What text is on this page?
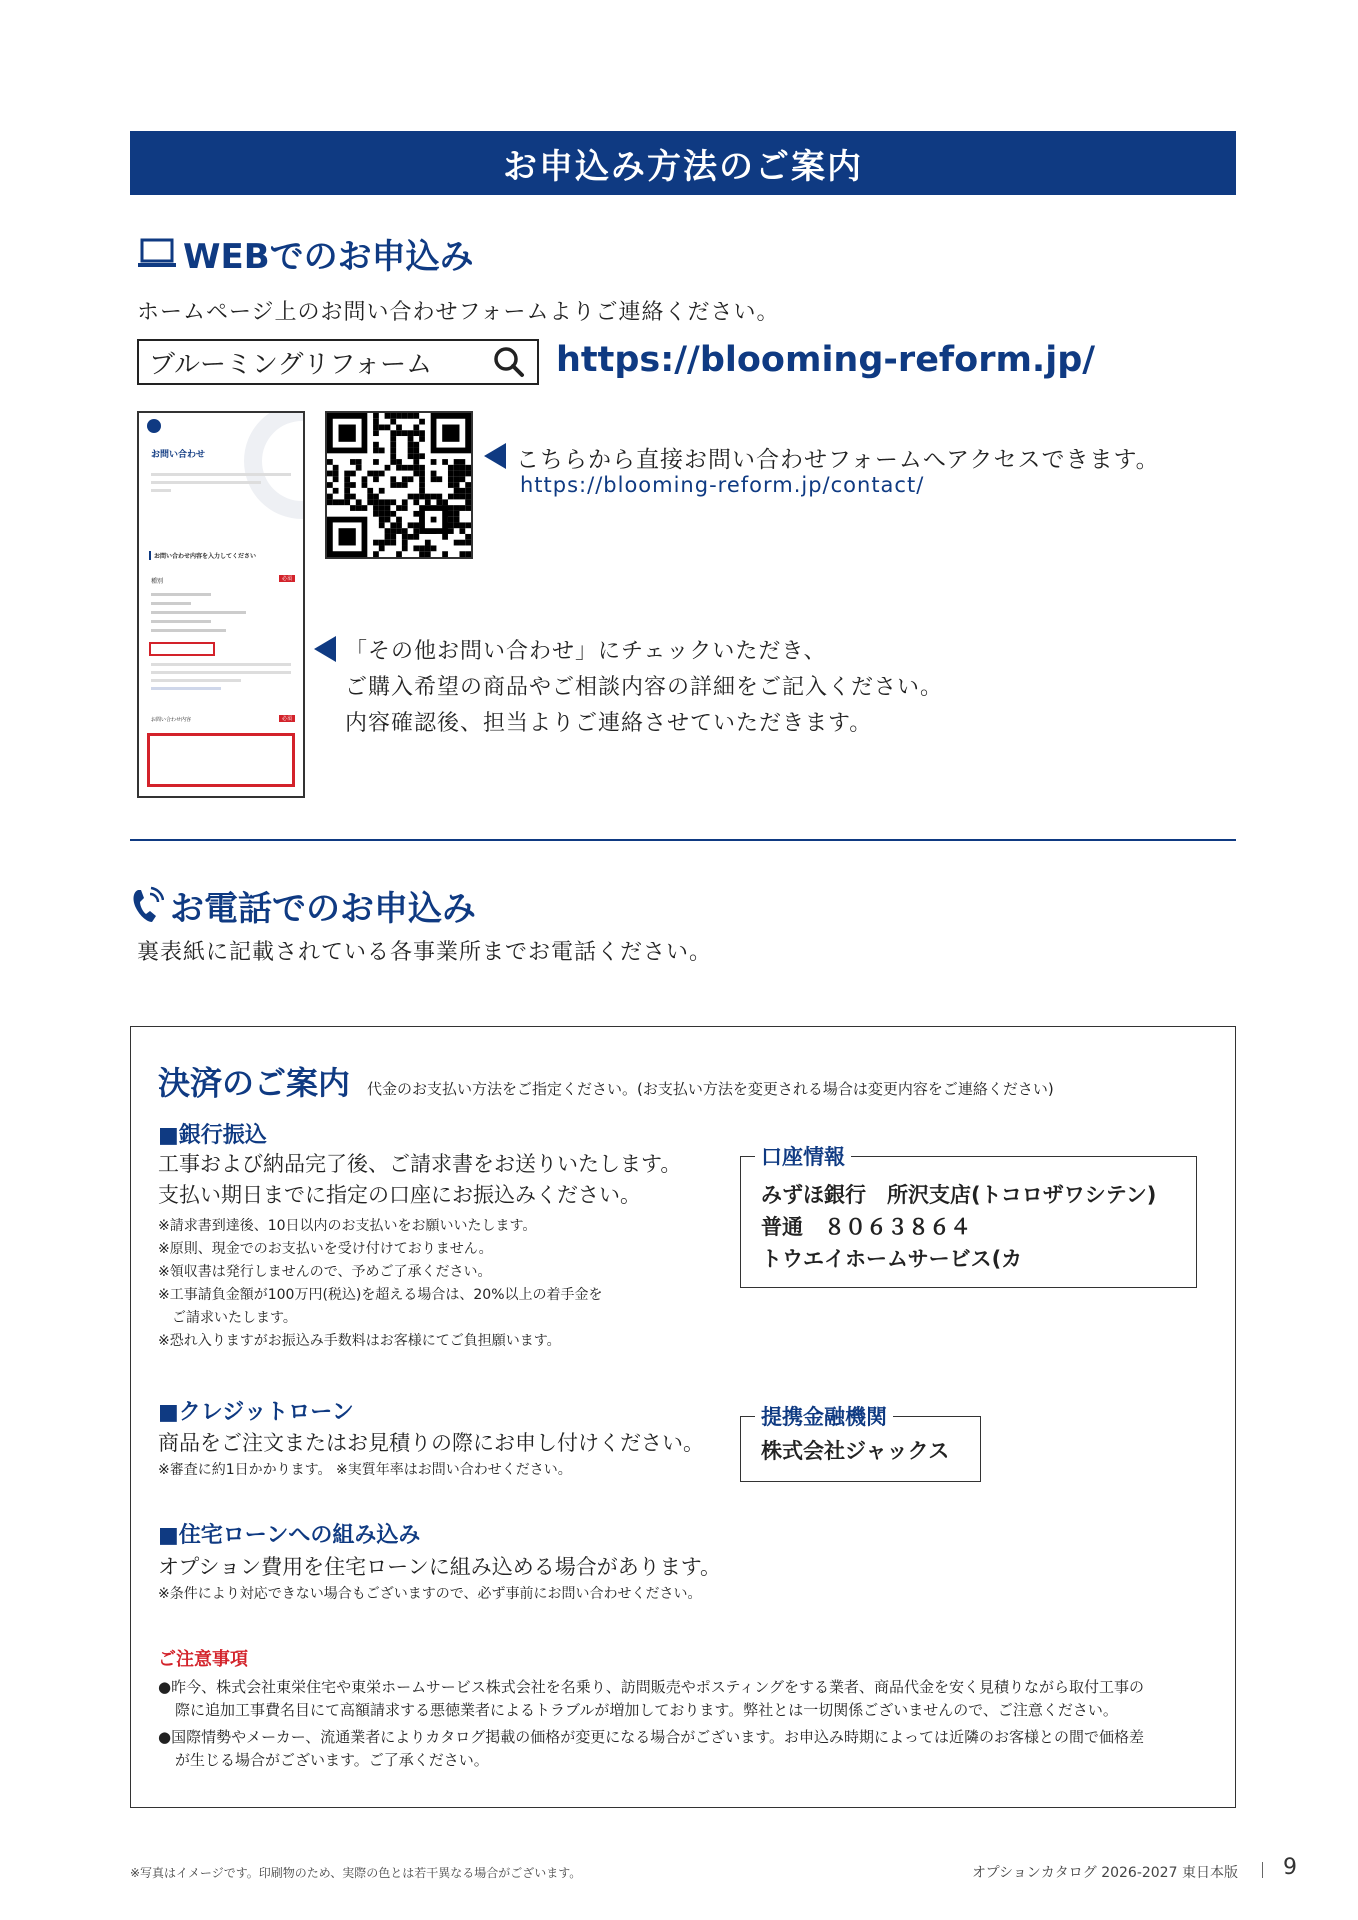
お申込み方法のご案内
WEBでのお申込み
ホームページ上のお問い合わせフォームよりご連絡ください。
ブルーミングリフォーム	https://blooming-reform.jp/
お問い合わせ
お問い合わせ内容を入力してください
種別	必須
お問い合わせ内容	必須
こちらから直接お問い合わせフォームへアクセスできます。
https://blooming-reform.jp/contact/
「その他お問い合わせ」にチェックいただき、
ご購入希望の商品やご相談内容の詳細をご記入ください。
内容確認後、担当よりご連絡させていただきます。
お電話でのお申込み
裏表紙に記載されている各事業所までお電話ください。
決済のご案内 代金のお支払い方法をご指定ください。(お支払い方法を変更される場合は変更内容をご連絡ください)
■銀行振込
工事および納品完了後、ご請求書をお送りいたします。
支払い期日までに指定の口座にお振込みください。
※請求書到達後、10日以内のお支払いをお願いいたします。
※原則、現金でのお支払いを受け付けておりません。
※領収書は発行しませんので、予めご了承ください。
※工事請負金額が100万円(税込)を超える場合は、20%以上の着手金を
　ご請求いたします。
※恐れ入りますがお振込み手数料はお客様にてご負担願います。
口座情報
みずほ銀行　所沢支店(トコロザワシテン)
普通　８０６３８６４
トウエイホームサービス(カ
■クレジットローン
商品をご注文またはお見積りの際にお申し付けください。
※審査に約1日かかります。 ※実質年率はお問い合わせください。
提携金融機関
株式会社ジャックス
■住宅ローンへの組み込み
オプション費用を住宅ローンに組み込める場合があります。
※条件により対応できない場合もございますので、必ず事前にお問い合わせください。
ご注意事項
●昨今、株式会社東栄住宅や東栄ホームサービス株式会社を名乗り、訪問販売やポスティングをする業者、商品代金を安く見積りながら取付工事の
際に追加工事費名目にて高額請求する悪徳業者によるトラブルが増加しております。弊社とは一切関係ございませんので、ご注意ください。
●国際情勢やメーカー、流通業者によりカタログ掲載の価格が変更になる場合がございます。お申込み時期によっては近隣のお客様との間で価格差
が生じる場合がございます。ご了承ください。
※写真はイメージです。印刷物のため、実際の色とは若干異なる場合がございます。	オプションカタログ 2026-2027 東日本版 9
